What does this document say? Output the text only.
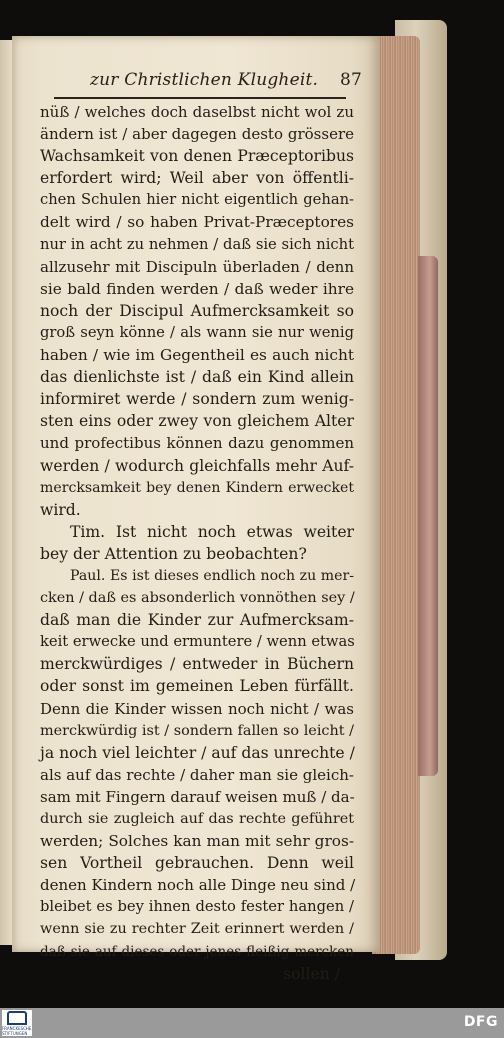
zur Christlichen Klugheit. 87
nüß / welches doch daselbst nicht wol zu
ändern ist / aber dagegen desto grössere
Wachsamkeit von denen Præceptoribus
erfordert wird; Weil aber von öffentli-
chen Schulen hier nicht eigentlich gehan-
delt wird / so haben Privat-Præceptores
nur in acht zu nehmen / daß sie sich nicht
allzusehr mit Discipuln überladen / denn
sie bald finden werden / daß weder ihre
noch der Discipul Aufmercksamkeit so
groß seyn könne / als wann sie nur wenig
haben / wie im Gegentheil es auch nicht
das dienlichste ist / daß ein Kind allein
informiret werde / sondern zum wenig-
sten eins oder zwey von gleichem Alter
und profectibus können dazu genommen
werden / wodurch gleichfalls mehr Auf-
mercksamkeit bey denen Kindern erwecket
wird.
Tim. Ist nicht noch etwas weiter
bey der Attention zu beobachten?
Paul. Es ist dieses endlich noch zu mer-
cken / daß es absonderlich vonnöthen sey /
daß man die Kinder zur Aufmercksam-
keit erwecke und ermuntere / wenn etwas
merckwürdiges / entweder in Büchern
oder sonst im gemeinen Leben fürfällt.
Denn die Kinder wissen noch nicht / was
merckwürdig ist / sondern fallen so leicht /
ja noch viel leichter / auf das unrechte /
als auf das rechte / daher man sie gleich-
sam mit Fingern darauf weisen muß / da-
durch sie zugleich auf das rechte geführet
werden; Solches kan man mit sehr gros-
sen Vortheil gebrauchen. Denn weil
denen Kindern noch alle Dinge neu sind /
bleibet es bey ihnen desto fester hangen /
wenn sie zu rechter Zeit erinnert werden /
daß sie auf dieses oder jenes fleißig mercken
sollen /
FRANCKESCHE STIFTUNGEN
DFG
